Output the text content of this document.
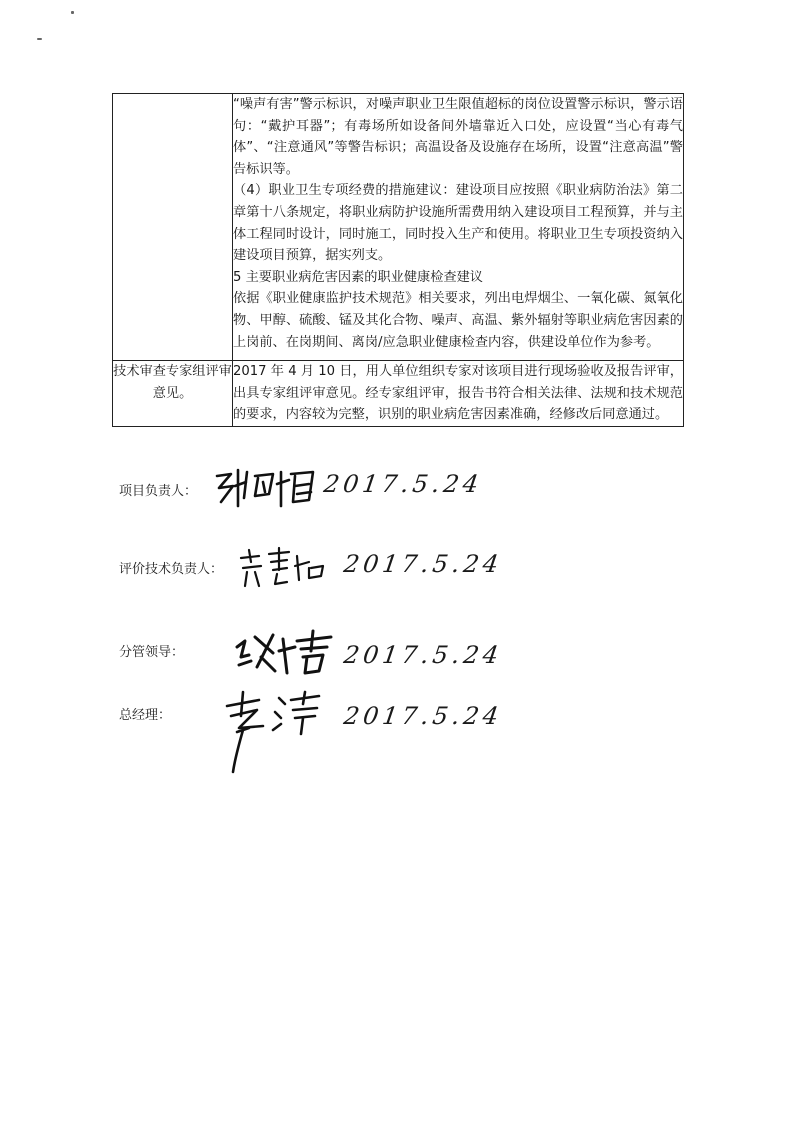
	“噪声有害”警示标识，对噪声职业卫生限值超标的岗位设置警示标识，警示语句：“戴护耳器”；有毒场所如设备间外墙靠近入口处，应设置“当心有毒气体”、“注意通风”等警告标识；高温设备及设施存在场所，设置“注意高温”警告标识等。

（4）职业卫生专项经费的措施建议：建设项目应按照《职业病防治法》第二章第十八条规定，将职业病防护设施所需费用纳入建设项目工程预算，并与主体工程同时设计，同时施工，同时投入生产和使用。将职业卫生专项投资纳入建设项目预算，据实列支。

5 主要职业病危害因素的职业健康检查建议

依据《职业健康监护技术规范》相关要求，列出电焊烟尘、一氧化碳、氮氧化物、甲醇、硫酸、锰及其化合物、噪声、高温、紫外辐射等职业病危害因素的上岗前、在岗期间、离岗/应急职业健康检查内容，供建设单位作为参考。

技术审查专家组评审意见。	2017 年 4 月 10 日，用人单位组织专家对该项目进行现场验收及报告评审，出具专家组评审意见。经专家组评审，报告书符合相关法律、法规和技术规范的要求，内容较为完整，识别的职业病危害因素准确，经修改后同意通过。
项目负责人：	2017.5.24
评价技术负责人：	2017.5.24
分管领导：	2017.5.24
总经理：	2017.5.24
